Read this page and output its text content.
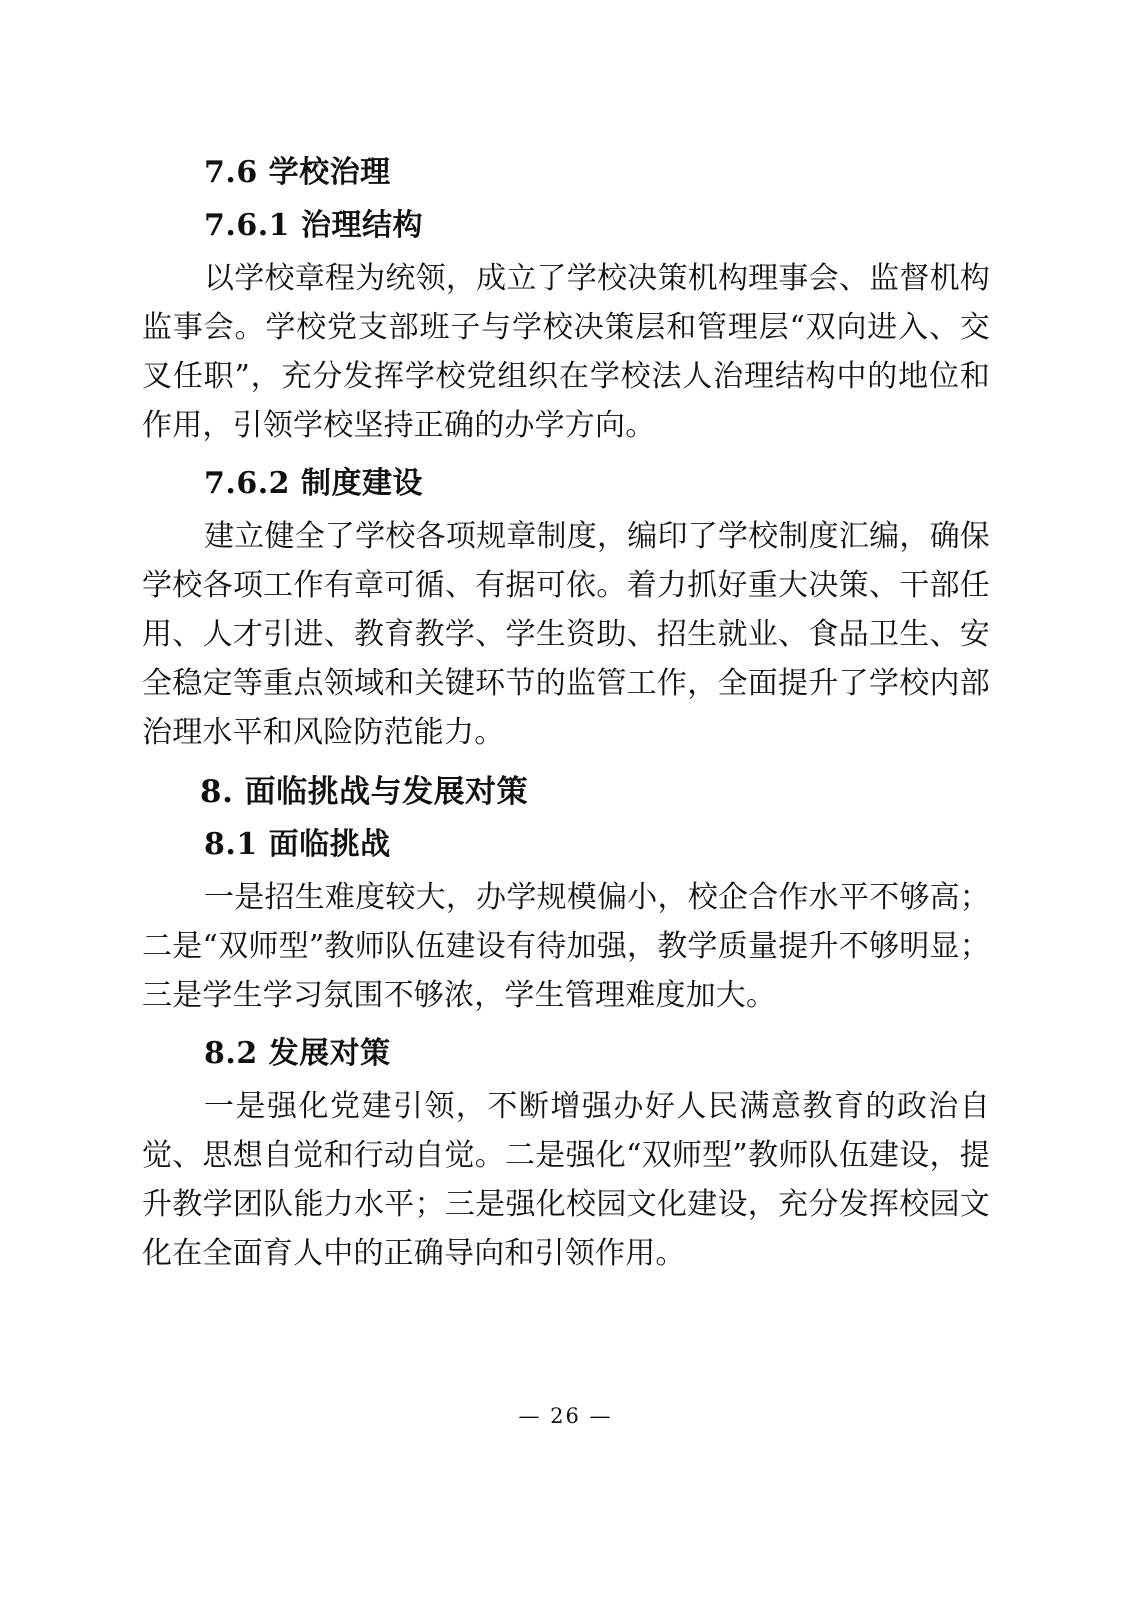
7.6 学校治理
7.6.1 治理结构

以学校章程为统领，成立了学校决策机构理事会、监督机构监事会。学校党支部班子与学校决策层和管理层“双向进入、交叉任职”，充分发挥学校党组织在学校法人治理结构中的地位和作用，引领学校坚持正确的办学方向。

7.6.2 制度建设

建立健全了学校各项规章制度，编印了学校制度汇编，确保学校各项工作有章可循、有据可依。着力抓好重大决策、干部任用、人才引进、教育教学、学生资助、招生就业、食品卫生、安全稳定等重点领域和关键环节的监管工作，全面提升了学校内部治理水平和风险防范能力。

8. 面临挑战与发展对策
8.1 面临挑战

一是招生难度较大，办学规模偏小，校企合作水平不够高；二是“双师型”教师队伍建设有待加强，教学质量提升不够明显；三是学生学习氛围不够浓，学生管理难度加大。

8.2 发展对策

一是强化党建引领，不断增强办好人民满意教育的政治自觉、思想自觉和行动自觉。二是强化“双师型”教师队伍建设，提升教学团队能力水平；三是强化校园文化建设，充分发挥校园文化在全面育人中的正确导向和引领作用。

— 26 —
